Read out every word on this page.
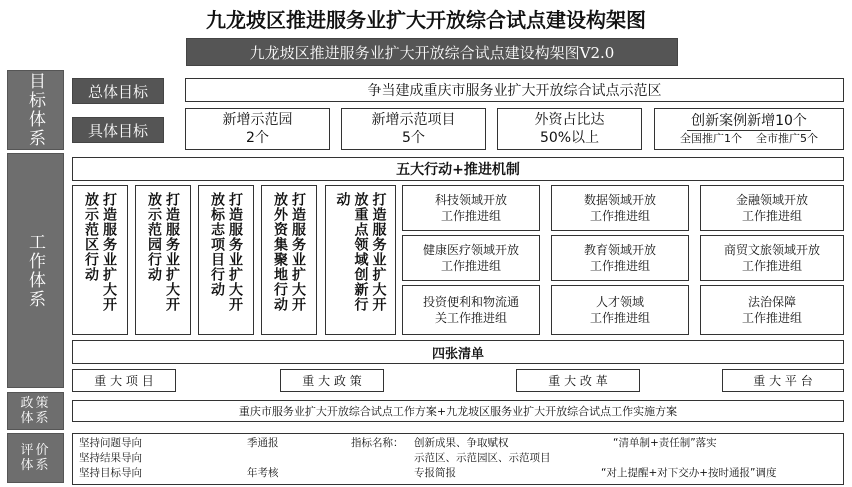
九龙坡区推进服务业扩大开放综合试点建设构架图
九龙坡区推进服务业扩大开放综合试点建设构架图V2.0
目标体系
工作体系
政策体系
评价体系
总体目标	争当建成重庆市服务业扩大开放综合试点示范区
具体目标
新增示范园
2个
新增示范项目
5个
外资占比达
50%以上
创新案例新增10个
全国推广1个 全市推广5个
五大行动+推进机制
打造服务业扩大开
放示范区行动	打造服务业扩大开
放示范园行动	打造服务业扩大开
放标志项目行动	打造服务业扩大开
放外资集聚地行动	打造服务业扩大开
放重点领域创新行
动	科技领域开放
工作推进组
数据领域开放
工作推进组
金融领域开放
工作推进组
健康医疗领域开放
工作推进组
教育领域开放
工作推进组
商贸文旅领域开放
工作推进组
投资便利和物流通
关工作推进组
人才领域
工作推进组
法治保障
工作推进组
四张清单
重 大 项 目	重 大 政 策	重 大 改 革	重 大 平 台
重庆市服务业扩大开放综合试点工作方案+九龙坡区服务业扩大开放综合试点工作实施方案
坚持问题导向
坚持结果导向
坚持目标导向
季通报
年考核
指标名称：	创新成果、争取赋权
示范区、示范园区、示范项目
专报简报
“清单制+责任制”落实
“对上提醒+对下交办+按时通报”调度
